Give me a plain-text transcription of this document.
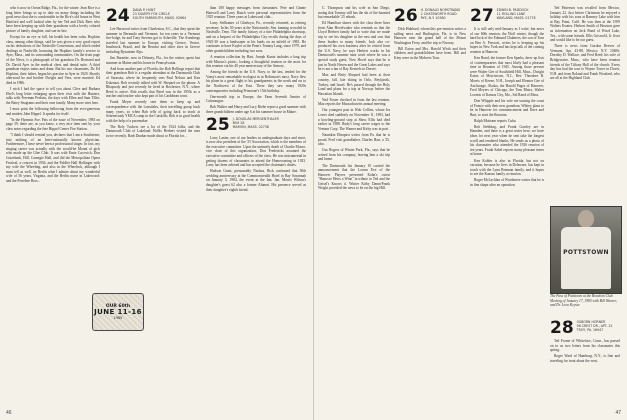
who is now in Ocean Ridge, Fla., for the winter. Jean Rice is a long letter brings us up to date on many things including the good news that she is comfortable in the Rice's old house in West Hartford and well looked after by her Ted and Dick Rees who have been keeping up with their grandsons with a lovely colored picture of family daughter, and son-in-law.

Except for an eye or fall, his health has been calm. Hopkins class, among other things, said he was given a very good report on his deductions of the Nashville Convention, and which ended dealings in Nashville, honoring the Hopkins family's service to Ayer, Mass., and its surrounding communities. On the front page of the News, is a photograph of his grandson Dr. Bertrand and Dr. David Ayer in the medical chest and dental suite. A third grandson enjoys trains and drum. But his two classmates, Dr. Ed Hopkins, their father, began his practice in Ayer in 1929. Shortly afterward he and brother Dwight and Vera, were married. Ed died in 1986.

I wish I had the space to tell you about Clive and Barbara Ebel's long letter enlarging upon their visit with the Hunters, talks with Freeman Perkins, the days with Ellen and Sam Tiller, the Batey Seagrams and their own family. Many more sites here.

I must print the following bellowing from the ever-generous and modest John Hippel. It speaks for itself:

"In the Hyannis Ave. Pats of the issue of November, 1983 on page 39, there are, as you know, a very nice item sent by your class notes regarding the fine Hippel Center Fire Station.

"I think I should remind you, declares that I am a Southerner, into nothing of an Inter-nationally known physician. Furthermore, I have never been a professional singer. In fact, my singing career was actually with the would-be Mount of girls who made up the Glee Club. It was with Ernie Cucovich, Don Gotzebark, Hill, Carnegie Hall, and did the Metropolitan Opera Festival, a concert in 1936, and the Fiddler Hall Hollinger with my wife the Wheeling, and also in the Wheelock, although I must tell as well, on Berlin what I admire about my wonderful wife of 56 years, Virginia, and the Berlin nurse in Lakewood: and the Ferrebee Bros...

24 DANA P. HUNT
23 SILVERY FOX CIRCLE
SOUTH YARMOUTH, MASS. 02664

Lee Harwood writes from Charleston, S.C., that they spent the summer in Bermuda and Vermont; for ten years in a Vermont fire-lodge, he and Tony Stevens got to Asheville. The Asenbergs traveled last summer to Europe, visiting Greece, Venice, Innsbruck, Brazil, and the Bernini and other sites in Greece including Byzantine Alps.

Jim Barnette, now in Delaney, Fla., for the winter, spent last summer in Maine and his home in Pennsylvania.

And from another part of Florida, the Bob Hollings report that their grandson Bob is a regular attendant at the Dartmouth Club of Sarasota, where he frequently sees Paul Nelson and Ken Eskenazi. Bob recently talked with W. Shepard on the phone. A Rhapsody and just recently he lived in Rochester, N.Y., where Reed is active. Bob recalls that Reed was in the 1950s as a teacher and teacher who kept part of his Caribbean town.

Frank Meyer recently sent them to keep up and correspondence with the Lonsdales, their travelling group back many years, so when Bob tells of going back to teach at Schenectady YMCA camp in the Catskills; Bob is in good health with the help of a pacemaker.

The Roly Tuckers see a lot of the 1924 folks, and the Dartmouth Club of Lakeland. Hollis Herbert visited the area twice recently. Barb Dunbar made about to Florida for...

than 100 happy messages from classmates. Pete and Ginnie Hartwell and Larry Rauch were personal representatives from the 1925 reunion. Three years at Lakewood club...

Larry Seilhamer of Gladwyn, Pa., recently returned, as retiring secretary. In his 50 years at the Nationwide, Sen. fanning crowded in Nashville, Tenn. The family history of a fine Philadelphia shortstop, and on a bequest of the Philadelphia City recalls during the days of 1925-30 was a landscaper at his lands on an infield of 1983. He continues to have Kuyler at the Penn's Tommy Lang, since 1979, and other grandchildren including two sons.

A reunion collection by Hart, Joseph Kuntz includes a long trip with Marcus's picnic, looking a thoughtful reunion as the most for this reunion via his 40 year anniversary of the Armory.

Among the friends in the U.S. Navy, to the last, tended for the Vamy's most remarkable ecologist in in Robinson's most. Navy flew his plane in a great flight to his grandparents in the north and on to the Northwest of the East. There they saw many 1920s contemporaries including Prinstone's 15th birthday.

One-month trip in Europe, the Farm Seventh Armies of Cattaraugus.

Bob Walker and Harry and Lucy Riebe report a good summer with three grandchildren under age 6 at his summer house in Maine.

25 J. DOUGLAS MERGENTHALER
BOX 28
MARION, MASS. 02738

Larry Lanier, one of our leaders in undergraduate days and since, is now also president of the '25 Association, which is the members of the executive committee. Upon the untimely death of Charlie Moore, vice chair of this organization, Don Fredericks assumed the executive committee and officers of the class. He was instrumental in getting dozens of classmates to attend the Homecoming in 1923. Larry has been advised and has accepted the chairman's duties.

Hudson Grant, presumably Nashua, Rick continued that 50th wedding anniversary at the Commonwealth Hotel in Bay Savannah on January 3, 1984, the event at the Inn. Jan. Morris Wilson's daughter's guest 62 also a former Alumni. His presence served as their daughter's eighth friend.

OUR 60th
JUNE 11-16
1985
46

C. Thompson and his wife in San Diego, noting that Tommy still has the ski of the haunted but remarkable '25 rehash.

Ed Hamilton shares with the class these lines from Alan Hovelwaker who reminds us that the Lloyd Herbert family had to write that we made trip to see his daughter in the east and saw that these leaders to many friends. Jack also co-produced his own business after he retired from the U.S. Navy, he says Herbert works in his Dartmouth's summer tutor work where he was a special study guest. Now Hovel says that he is just in North Haven and the Great Lakes and says he is not a fan of Bay Kestrels in Dorset.

Max and Betty Shepard had been at their country, fall, late skiing in Oslo, Reykjavik, Turkey, and Israel. He's passed through the Holy Land and plans for a trip at Norway before the Hawaiian Islands.

Ned Foster checked in from the last reunion. Max reports the Massachusetts annual meeting.

Our youngest past in Wob Collins, whose Ira Lester died suddenly on November 11, 1983, had a bowling-ground stop at Shea; Ellis had died earlier in 1988. Rudy's long career wages to the Ventnor Corp. The Wamer and Kirby was in part.

Naumkin Elmquist writes from Pa. that he is proud. Fred visit grandfather, Charles Hart, a '25, also.

Gus Rogers of Winter Park, Fla., says that he retired from his company, leaving him a ski trip and home.

The Dartmouth list January 10 carried the announcement that the Lorum Eve of the Hanover Players presented Kahn's cutest "Hanover Heirs a Wine" in tribute to Ted and the Geisel's Knows it. Winter Kirby Dame/Frank Wright provided the news to be on the big Hill.

26 H. DONALD NORSTRAND
2 CHATSWORTH ROAD
RYE, N.Y. 10580

Dick Hubbard, whom this pre-reunion writes a sailing news and Burlington, Fla. is in New Hanover near the grand hall of the Mount Washington Ferry, and the trip to Norway.

Bill Eaton and Mrs. Harold Wirth and their children and grandchildren have been. Bill and Kiny were in the Midwest Tour.

27 EDWIN B. PADDOCK
11 ROLLING LANE
WAYLAND, MASS. 01778

It is still only mid-January as I write, but news of our 60th reunion, the Wolf winter, though the hard luck of the Edmund Chalmers, the son of Tom on Ben A. Prescott, writes he is keeping up his hopes in New York and has kept talk of the coming reunion at Hanover.

Ken Bond, the former Ken Sparks, drew up lists of contemporaries that most likely had a pleasant time in Reunion of 1945. Among those present were Walter Gee of Southfield Hill, Mass., Dwight Eaton of Morristown, N.J., Rev. Theodore B. Morris of Keene, N.H., Joseph and Eleanor Gee of Anchorage, Alaska, the Harold Pages of Hanover, Fred Meyers of Chicago, the Tom Blairs, Walter Loomis of Kansas City, Mo., Sid Rand of Mass.

Don Whipple and his wife are touring the coast of France with their new grandson; Whitey plans to be in Hanover for commencement and Dave and Burt, to start the Reunion.

Ralph Mottram reports Cuba.

Bob Stebbing, and Frank Gawley are in Hamden, and there is a great series here; we have ideas for next year when he sent take the longest scroll and rendered blanks. He sends us a photo of his classmates who attended the 1926 reunion of ten years. Frank Sabel reports many pleasant times at home.

Ken Kobler is also in Florida, but not on vacation, because he lives in Delaware, has kept in touch with the Lynn Brennan family, and it hopes to see the Kansas family at reunion.

Roger McLachlan of Woodmere writes that he is in fine shape after an operation.

Ted Patterson was recalled from Mexico, January 22. Just before Christmas he enjoyed a holiday with his sons at Ramsey Lake with him at Bay Point, Calif. He was then at the 1959 Walters Estates. Herbert Smith of Houston gave us information on Jack Bond of Wood Lake, Tex., with some friends. Ellis Griswold, Jr. lives and would like to be our guest.

There is news from Gordon Reeves of Vermont, Apt. 43-88, Mexico, N.Y. 10406: Dorothy D. Wallace, and Fred Reed, his wife of Bridgewater, Mass., who have been reunion friends of the Tiffany Hall of the church. Every day has had the tour to Wayne Tower in Dover, N.H. and from Roland and Frank Woodard, who are all at the Highland Club.

POTTSTOWN
The Pass of Pottstown at the Bowdoin Club Meeting of January 17, 1985 with Bill Warner, and Dr. Leon Keyser.
28 OSBORN HORNER
96 CREST DR., APT. 21
TROY, PA. 16947

Ted Frome of Whiteface, Conn., has passed on to us two letters from his classmates this spring.

Roger Ward of Hamburg, N.Y., is fine and traveling for trout about the west.

47
